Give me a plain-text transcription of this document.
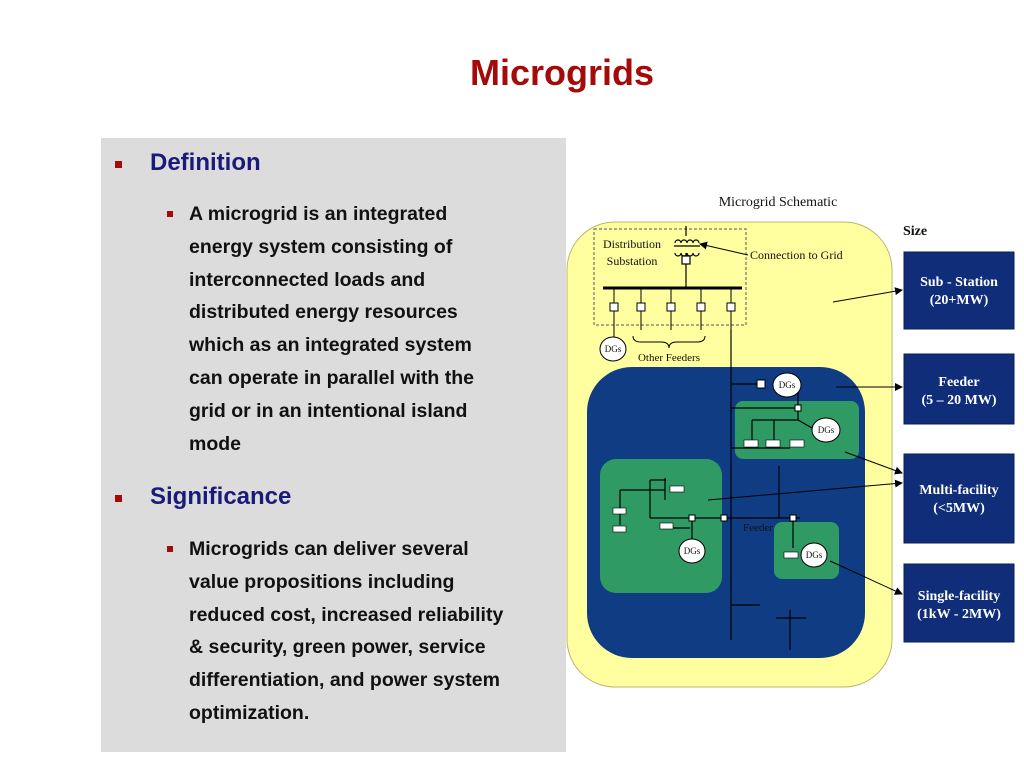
Microgrids
Definition
A microgrid is an integrated
energy system consisting of
interconnected loads and
distributed energy resources
which as an integrated system
can operate in parallel with the
grid or in an intentional island
mode
Significance
Microgrids can deliver several
value propositions including
reduced cost, increased reliability
& security, green power, service
differentiation, and power system
optimization.
Microgrid Schematic
Size
Distribution
Substation	Connection to Grid
Other Feeders
DGs
DGs
DGs
DGs	DGs
Feeder
Sub - Station
(20+MW)
Feeder
(5 – 20 MW)
Multi-facility
(<5MW)
Single-facility
(1kW - 2MW)
